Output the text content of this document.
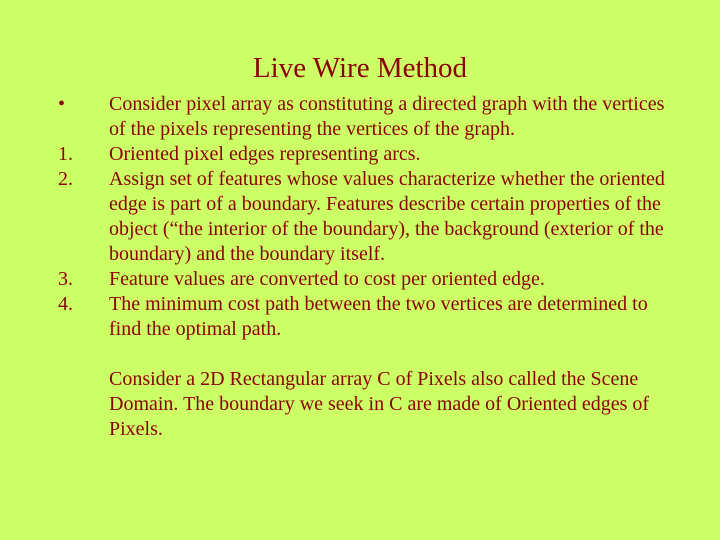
Live Wire Method
•	Consider pixel array as constituting a directed graph with the vertices of the pixels representing the vertices of the graph.
1.	Oriented pixel edges representing arcs.
2.	Assign set of features whose values characterize whether the oriented edge is part of a boundary. Features describe certain properties of the object (“the interior of the boundary), the background (exterior of the boundary) and the boundary itself.
3.	Feature values are converted to cost per oriented edge.
4.	The minimum cost path between the two vertices are determined to find the optimal path.
Consider a 2D Rectangular array C of Pixels also called the Scene Domain. The boundary we seek in C are made of Oriented edges of Pixels.
